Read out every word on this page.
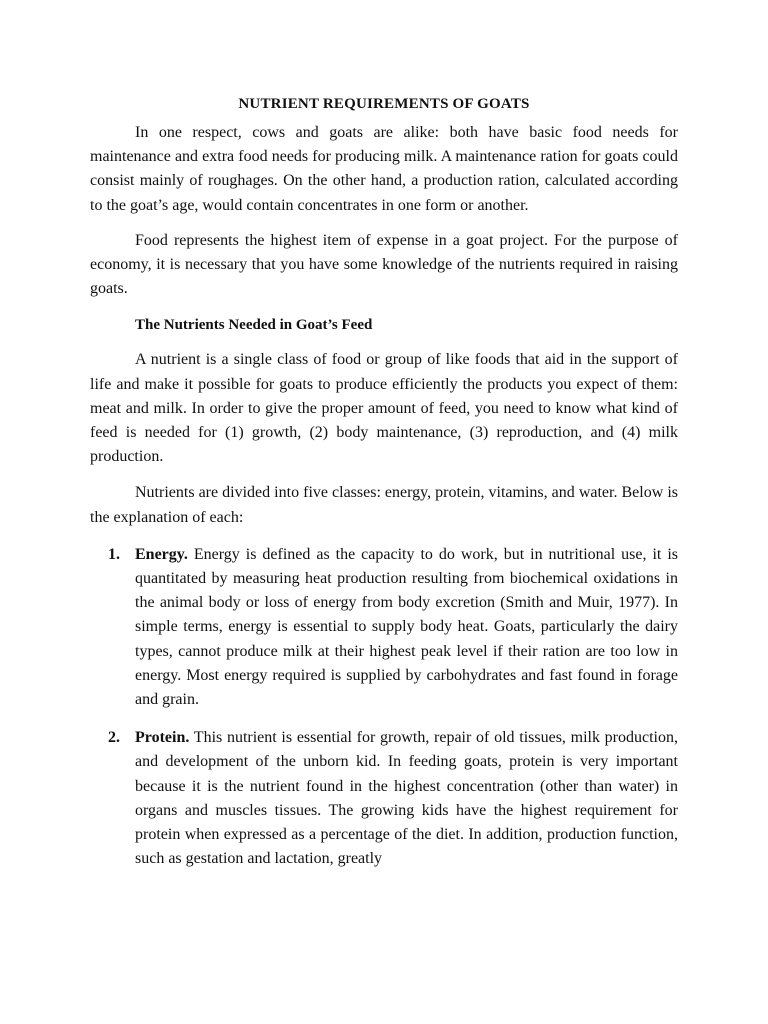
NUTRIENT REQUIREMENTS OF GOATS

In one respect, cows and goats are alike: both have basic food needs for maintenance and extra food needs for producing milk. A maintenance ration for goats could consist mainly of roughages. On the other hand, a production ration, calculated according to the goat’s age, would contain concentrates in one form or another.

Food represents the highest item of expense in a goat project. For the purpose of economy, it is necessary that you have some knowledge of the nutrients required in raising goats.

The Nutrients Needed in Goat’s Feed

A nutrient is a single class of food or group of like foods that aid in the support of life and make it possible for goats to produce efficiently the products you expect of them: meat and milk. In order to give the proper amount of feed, you need to know what kind of feed is needed for (1) growth, (2) body maintenance, (3) reproduction, and (4) milk production.

Nutrients are divided into five classes: energy, protein, vitamins, and water. Below is the explanation of each:

1. Energy. Energy is defined as the capacity to do work, but in nutritional use, it is quantitated by measuring heat production resulting from biochemical oxidations in the animal body or loss of energy from body excretion (Smith and Muir, 1977). In simple terms, energy is essential to supply body heat. Goats, particularly the dairy types, cannot produce milk at their highest peak level if their ration are too low in energy. Most energy required is supplied by carbohydrates and fast found in forage and grain.
2. Protein. This nutrient is essential for growth, repair of old tissues, milk production, and development of the unborn kid. In feeding goats, protein is very important because it is the nutrient found in the highest concentration (other than water) in organs and muscles tissues. The growing kids have the highest requirement for protein when expressed as a percentage of the diet. In addition, production function, such as gestation and lactation, greatly
